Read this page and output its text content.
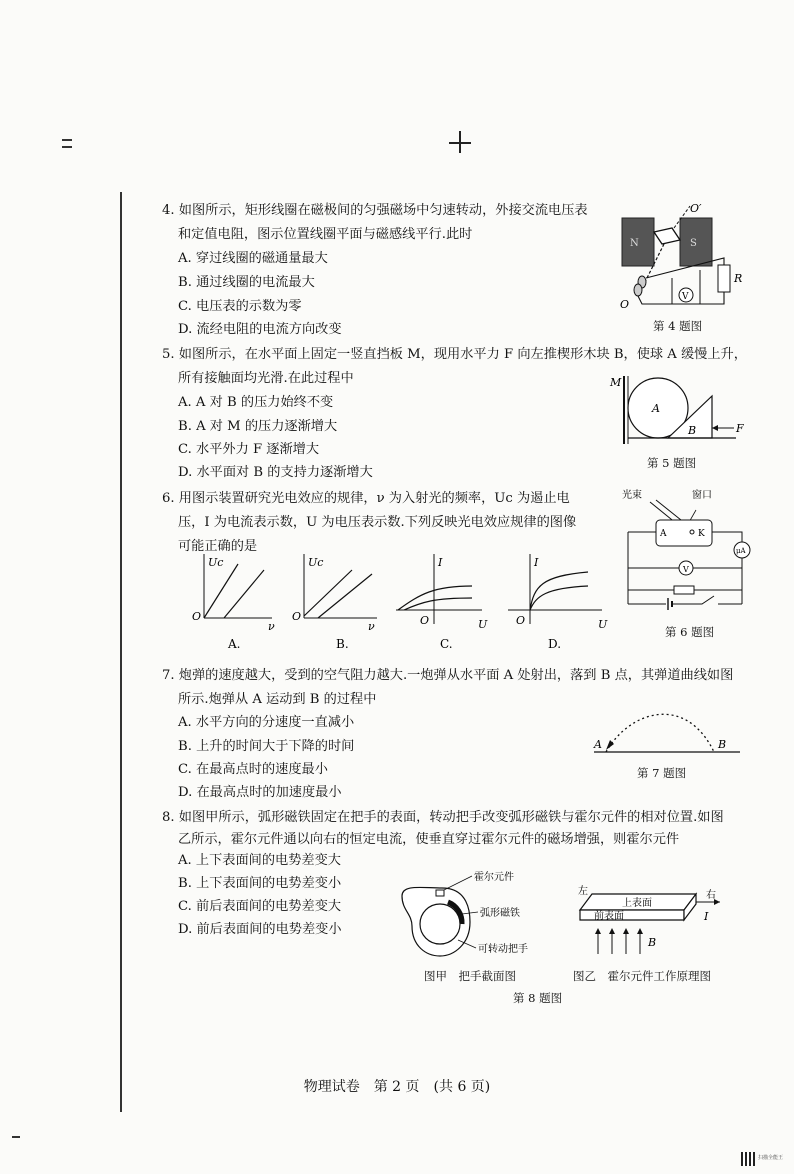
4. 如图所示，矩形线圈在磁极间的匀强磁场中匀速转动，外接交流电压表
和定值电阻，图示位置线圈平面与磁感线平行.此时
A. 穿过线圈的磁通量最大
B. 通过线圈的电流最大
C. 电压表的示数为零
D. 流经电阻的电流方向改变
N	S
O′
O
R
V
第 4 题图
5. 如图所示，在水平面上固定一竖直挡板 M，现用水平力 F 向左推楔形木块 B，使球 A 缓慢上升，
所有接触面均光滑.在此过程中
A. A 对 B 的压力始终不变
B. A 对 M 的压力逐渐增大
C. 水平外力 F 逐渐增大
D. 水平面对 B 的支持力逐渐增大
M
A
B	F
第 5 题图
6. 用图示装置研究光电效应的规律，ν 为入射光的频率，Uc 为遏止电
压，I 为电流表示数，U 为电压表示数.下列反映光电效应规律的图像
可能正确的是
Uc
ν
O
A.
Uc
ν
O
B.
I
U
O
C.
I
U
O
D.
光束	窗口
A	K
μA
V
第 6 题图
7. 炮弹的速度越大，受到的空气阻力越大.一炮弹从水平面 A 处射出，落到 B 点，其弹道曲线如图
所示.炮弹从 A 运动到 B 的过程中
A. 水平方向的分速度一直减小
B. 上升的时间大于下降的时间
C. 在最高点时的速度最小
D. 在最高点时的加速度最小
A	B
第 7 题图
8. 如图甲所示，弧形磁铁固定在把手的表面，转动把手改变弧形磁铁与霍尔元件的相对位置.如图
乙所示，霍尔元件通以向右的恒定电流，使垂直穿过霍尔元件的磁场增强，则霍尔元件
A. 上下表面间的电势差变大
B. 上下表面间的电势差变小
C. 前后表面间的电势差变大
D. 前后表面间的电势差变小
霍尔元件
弧形磁铁
可转动把手
图甲　把手截面图
左	右
上表面
前表面	I
B
图乙　霍尔元件工作原理图
第 8 题图
物理试卷　第 2 页　(共 6 页)
扫描全能王
